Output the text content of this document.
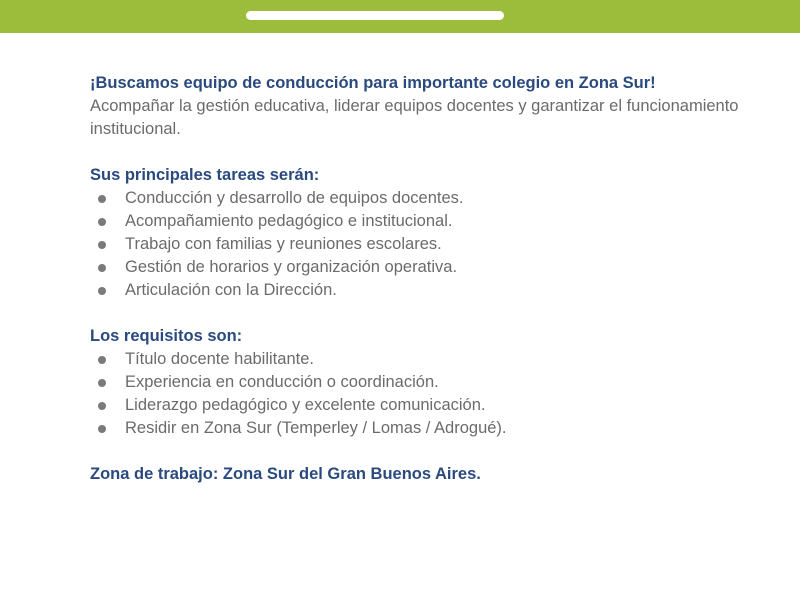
¡Buscamos equipo de conducción para importante colegio en Zona Sur!

Acompañar la gestión educativa, liderar equipos docentes y garantizar el funcionamiento institucional.

Sus principales tareas serán:

Conducción y desarrollo de equipos docentes.
Acompañamiento pedagógico e institucional.
Trabajo con familias y reuniones escolares.
Gestión de horarios y organización operativa.
Articulación con la Dirección.

Los requisitos son:

Título docente habilitante.
Experiencia en conducción o coordinación.
Liderazgo pedagógico y excelente comunicación.
Residir en Zona Sur (Temperley / Lomas / Adrogué).

Zona de trabajo: Zona Sur del Gran Buenos Aires.
